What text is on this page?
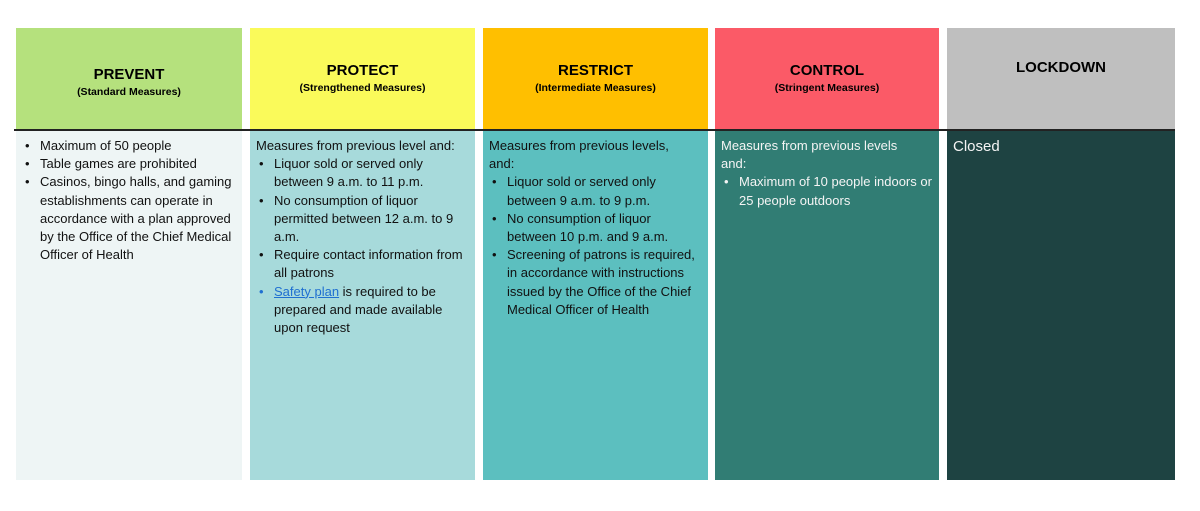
PREVENT
(Standard Measures)
• Maximum of 50 people
• Table games are prohibited
• Casinos, bingo halls, and gaming establishments can operate in accordance with a plan approved by the Office of the Chief Medical Officer of Health
PROTECT
(Strengthened Measures)
Measures from previous level and:
• Liquor sold or served only between 9 a.m. to 11 p.m.
• No consumption of liquor permitted between 12 a.m. to 9 a.m.
• Require contact information from all patrons
• Safety plan is required to be prepared and made available upon request
RESTRICT
(Intermediate Measures)
Measures from previous levels, and:
• Liquor sold or served only between 9 a.m. to 9 p.m.
• No consumption of liquor between 10 p.m. and 9 a.m.
• Screening of patrons is required, in accordance with instructions issued by the Office of the Chief Medical Officer of Health
CONTROL
(Stringent Measures)
Measures from previous levels and:
• Maximum of 10 people indoors or 25 people outdoors
LOCKDOWN
Closed
